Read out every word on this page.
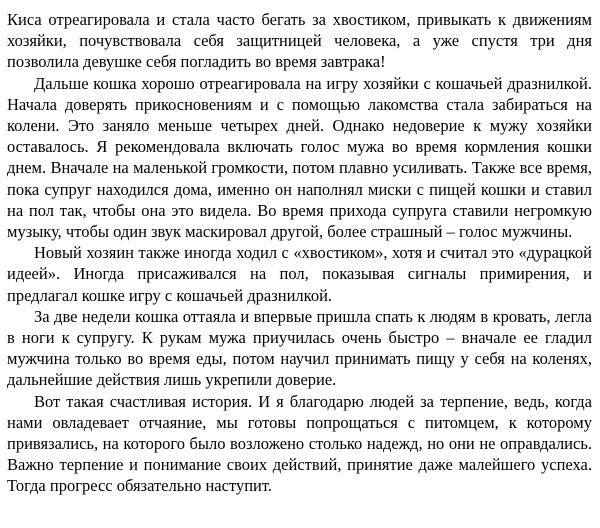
Киса отреагировала и стала часто бегать за хвостиком, привыкать к движениям хозяйки, почувствовала себя защитницей человека, а уже спустя три дня позволила девушке себя погладить во время завтрака!

Дальше кошка хорошо отреагировала на игру хозяйки с кошачьей дразнилкой. Начала доверять прикосновениям и с помощью лакомства стала забираться на колени. Это заняло меньше четырех дней. Однако недоверие к мужу хозяйки оставалось. Я рекомендовала включать голос мужа во время кормления кошки днем. Вначале на маленькой громкости, потом плавно усиливать. Также все время, пока супруг находился дома, именно он наполнял миски с пищей кошки и ставил на пол так, чтобы она это видела. Во время прихода супруга ставили негромкую музыку, чтобы один звук маскировал другой, более страшный – голос мужчины.

Новый хозяин также иногда ходил с «хвостиком», хотя и считал это «дурацкой идеей». Иногда присаживался на пол, показывая сигналы примирения, и предлагал кошке игру с кошачьей дразнилкой.

За две недели кошка оттаяла и впервые пришла спать к людям в кровать, легла в ноги к супругу. К рукам мужа приучилась очень быстро – вначале ее гладил мужчина только во время еды, потом научил принимать пищу у себя на коленях, дальнейшие действия лишь укрепили доверие.

Вот такая счастливая история. И я благодарю людей за терпение, ведь, когда нами овладевает отчаяние, мы готовы попрощаться с питомцем, к которому привязались, на которого было возложено столько надежд, но они не оправдались. Важно терпение и понимание своих действий, принятие даже малейшего успеха. Тогда прогресс обязательно наступит.
